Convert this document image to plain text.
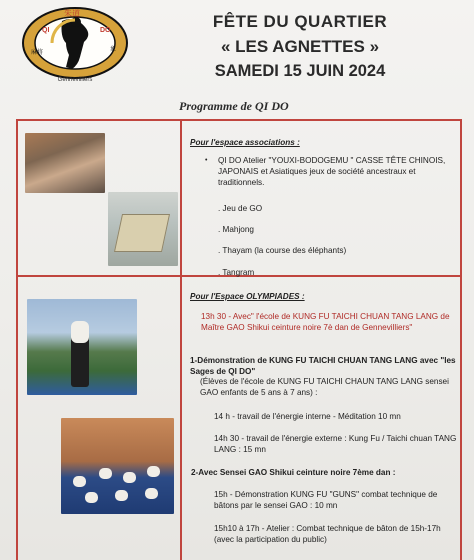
朱道
QI	DO
麻将	象
Gennevilliers
FÊTE DU QUARTIER
« LES AGNETTES »
SAMEDI 15 JUIN 2024
Programme de QI DO
Pour l'espace associations :
• QI DO Atelier "YOUXI-BODOGEMU " CASSE TÊTE CHINOIS, JAPONAIS et Asiatiques jeux de société ancestraux et traditionnels.
. Jeu de GO
. Mahjong
. Thayam (la course des éléphants)
. Tangram
Pour l'Espace OLYMPIADES :
13h 30 - Avec" l'école de KUNG FU TAICHI CHUAN TANG LANG de Maître GAO Shikui ceinture noire 7è dan de Gennevilliers"
1-Démonstration de KUNG FU TAICHI CHUAN TANG LANG avec "les Sages de QI DO"
(Élèves de l'école de KUNG FU TAICHI CHAUN TANG LANG sensei GAO enfants de 5 ans à 7 ans) :
14 h - travail de l'énergie interne - Méditation 10 mn
14h 30 - travail de l'énergie externe : Kung Fu / Taichi chuan TANG LANG : 15 mn
2-Avec Sensei GAO Shikui ceinture noire 7ème dan :
15h - Démonstration KUNG FU "GUNS" combat technique de bâtons par le sensei GAO : 10 mn
15h10 à 17h - Atelier : Combat technique de bâton de 15h-17h (avec la participation du public)
